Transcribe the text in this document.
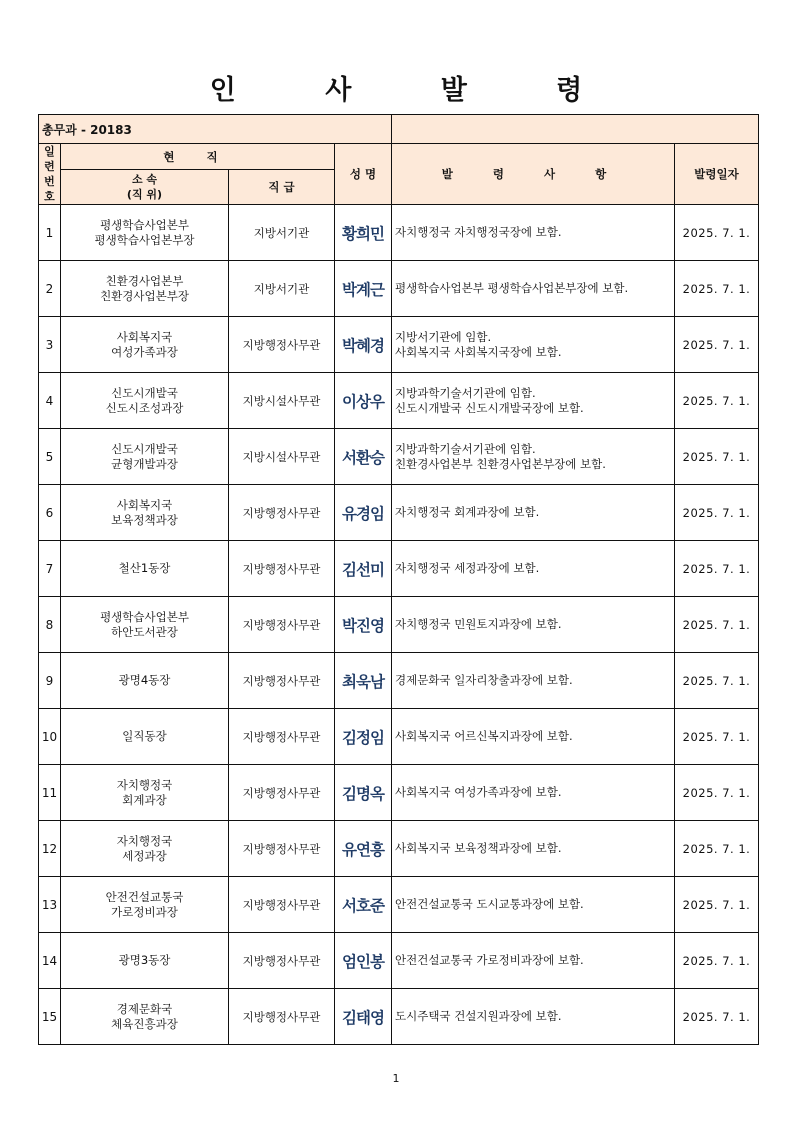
인 사 발 령
총무과 - 20183					

일
련
번
호	현 직		성 명	발 령 사 항	발령일자

	소 속
(직 위)	직 급			
1	평생학습사업본부
평생학습사업본부장	지방서기관	황희민	자치행정국 자치행정국장에 보함.	2025. 7. 1.
2	친환경사업본부
친환경사업본부장	지방서기관	박계근	평생학습사업본부 평생학습사업본부장에 보함.	2025. 7. 1.
3	사회복지국
여성가족과장	지방행정사무관	박혜경	지방서기관에 임함.
사회복지국 사회복지국장에 보함.	2025. 7. 1.
4	신도시개발국
신도시조성과장	지방시설사무관	이상우	지방과학기술서기관에 임함.
신도시개발국 신도시개발국장에 보함.	2025. 7. 1.
5	신도시개발국
균형개발과장	지방시설사무관	서환승	지방과학기술서기관에 임함.
친환경사업본부 친환경사업본부장에 보함.	2025. 7. 1.
6	사회복지국
보육정책과장	지방행정사무관	유경임	자치행정국 회계과장에 보함.	2025. 7. 1.
7	철산1동장	지방행정사무관	김선미	자치행정국 세정과장에 보함.	2025. 7. 1.
8	평생학습사업본부
하안도서관장	지방행정사무관	박진영	자치행정국 민원토지과장에 보함.	2025. 7. 1.
9	광명4동장	지방행정사무관	최욱남	경제문화국 일자리창출과장에 보함.	2025. 7. 1.
10	일직동장	지방행정사무관	김정임	사회복지국 어르신복지과장에 보함.	2025. 7. 1.
11	자치행정국
회계과장	지방행정사무관	김명옥	사회복지국 여성가족과장에 보함.	2025. 7. 1.
12	자치행정국
세정과장	지방행정사무관	유연흥	사회복지국 보육정책과장에 보함.	2025. 7. 1.
13	안전건설교통국
가로정비과장	지방행정사무관	서호준	안전건설교통국 도시교통과장에 보함.	2025. 7. 1.
14	광명3동장	지방행정사무관	엄인봉	안전건설교통국 가로정비과장에 보함.	2025. 7. 1.
15	경제문화국
체육진흥과장	지방행정사무관	김태영	도시주택국 건설지원과장에 보함.	2025. 7. 1.
1
